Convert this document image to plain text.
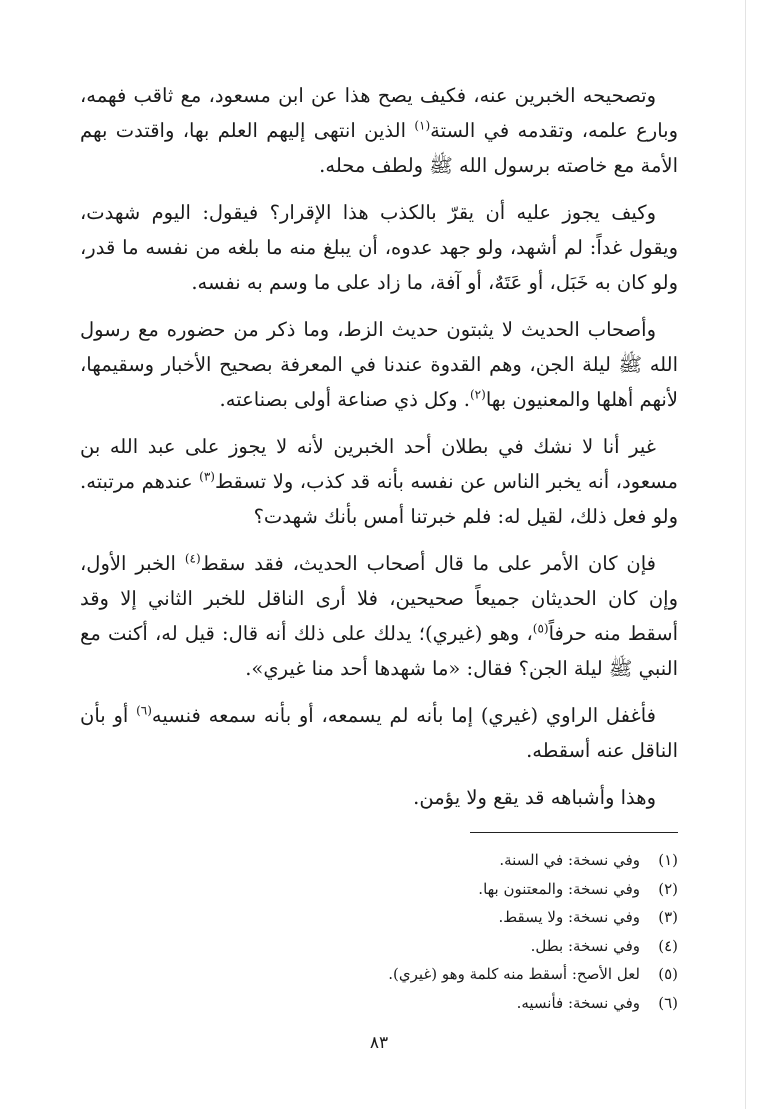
وتصحيحه الخبرين عنه، فكيف يصح هذا عن ابن مسعود، مع ثاقب فهمه، وبارع علمه، وتقدمه في الستة$^{(١)}$ الذين انتهى إليهم العلم بها، واقتدت بهم الأمة مع خاصته برسول الله ﷺ ولطف محله.

وكيف يجوز عليه أن يقرّ بالكذب هذا الإقرار؟ فيقول: اليوم شهدت، ويقول غداً: لم أشهد، ولو جهد عدوه، أن يبلغ منه ما بلغه من نفسه ما قدر، ولو كان به خَبَل، أو عَتَهٌ، أو آفة، ما زاد على ما وسم به نفسه.

وأصحاب الحديث لا يثبتون حديث الزط، وما ذكر من حضوره مع رسول الله ﷺ ليلة الجن، وهم القدوة عندنا في المعرفة بصحيح الأخبار وسقيمها، لأنهم أهلها والمعنيون بها$^{(٢)}$. وكل ذي صناعة أولى بصناعته.

غير أنا لا نشك في بطلان أحد الخبرين لأنه لا يجوز على عبد الله بن مسعود، أنه يخبر الناس عن نفسه بأنه قد كذب، ولا تسقط$^{(٣)}$ عندهم مرتبته. ولو فعل ذلك، لقيل له: فلم خبرتنا أمس بأنك شهدت؟

فإن كان الأمر على ما قال أصحاب الحديث، فقد سقط$^{(٤)}$ الخبر الأول، وإن كان الحديثان جميعاً صحيحين، فلا أرى الناقل للخبر الثاني إلا وقد أسقط منه حرفاً$^{(٥)}$، وهو (غيري)؛ يدلك على ذلك أنه قال: قيل له، أكنت مع النبي ﷺ ليلة الجن؟ فقال: «ما شهدها أحد منا غيري».

فأغفل الراوي (غيري) إما بأنه لم يسمعه، أو بأنه سمعه فنسيه$^{(٦)}$ أو بأن الناقل عنه أسقطه.

وهذا وأشباهه قد يقع ولا يؤمن.

(١)وفي نسخة: في السنة.
(٢)وفي نسخة: والمعتنون بها.
(٣)وفي نسخة: ولا يسقط.
(٤)وفي نسخة: بطل.
(٥)لعل الأصح: أسقط منه كلمة وهو (غيري).
(٦)وفي نسخة: فأنسيه.
٨٣
